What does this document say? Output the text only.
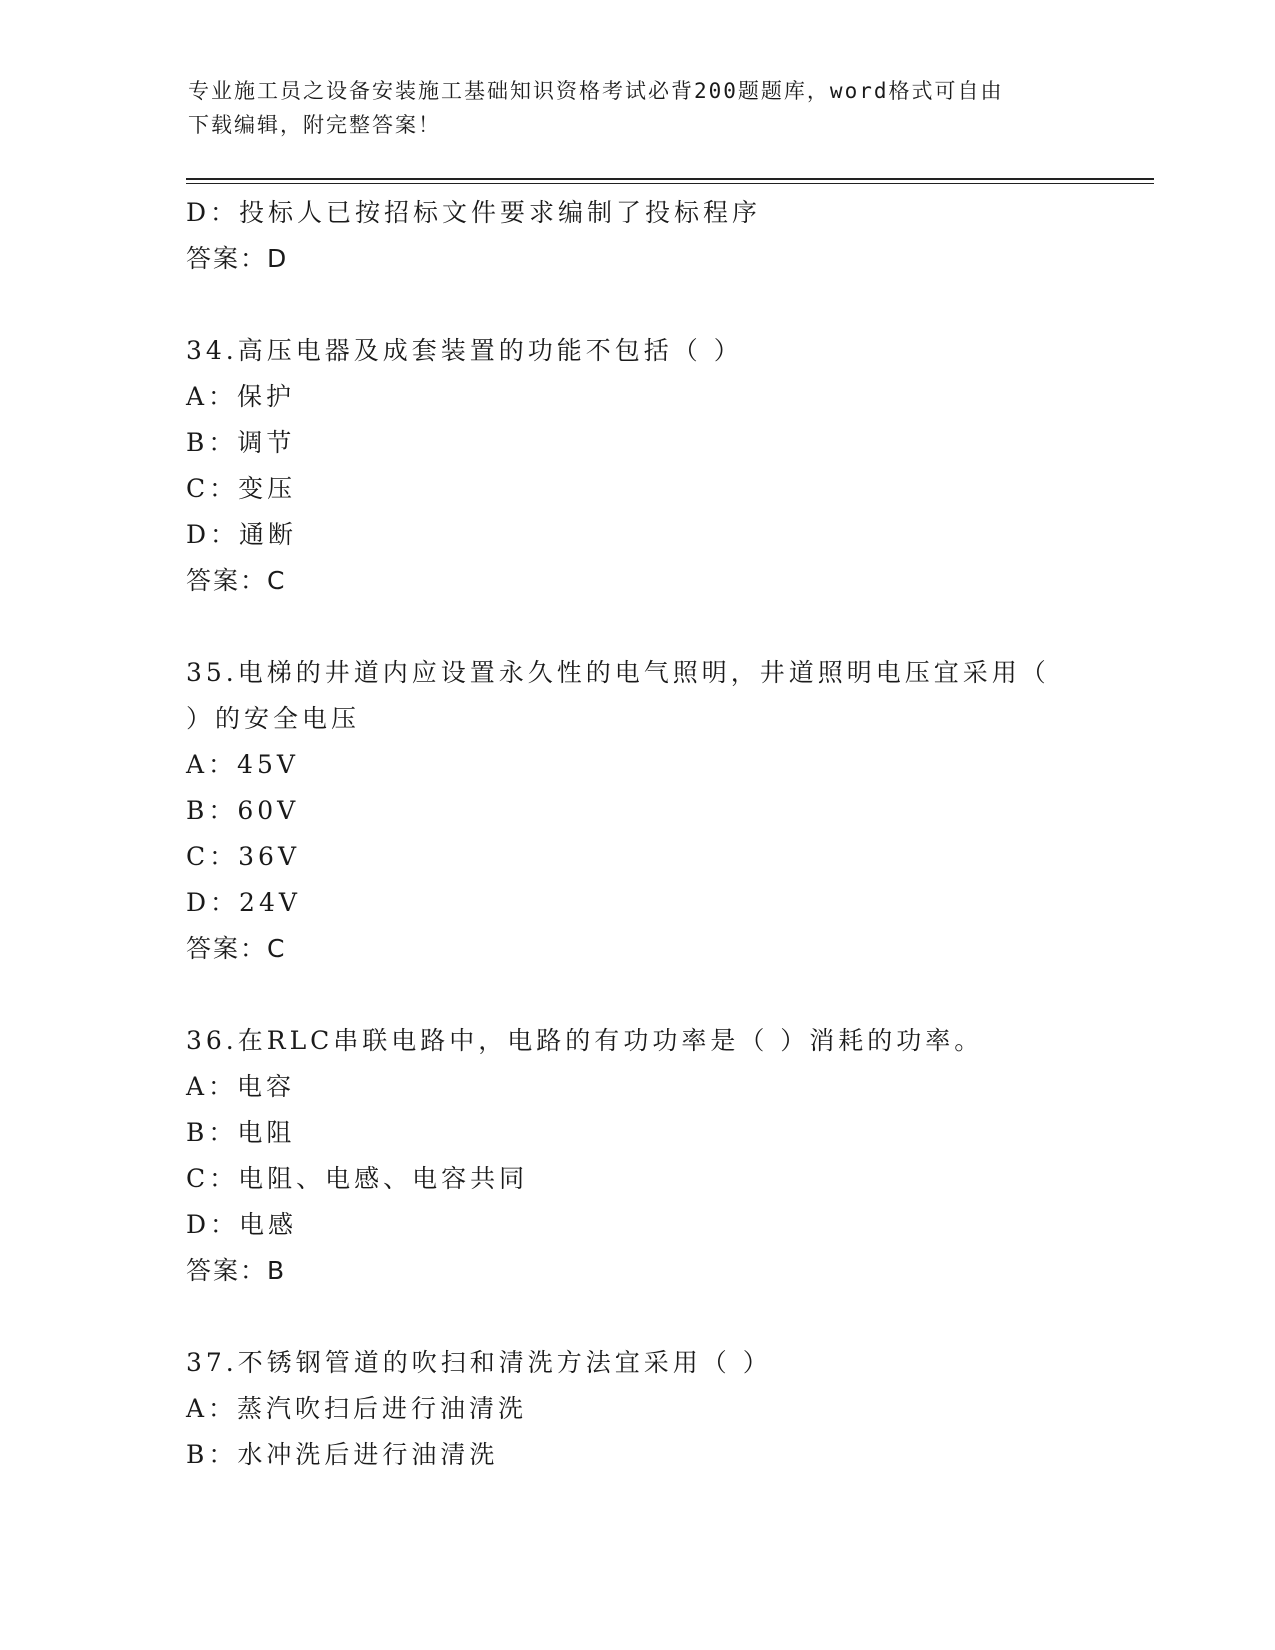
专业施工员之设备安装施工基础知识资格考试必背200题题库，word格式可自由
下载编辑，附完整答案！
D：投标人已按招标文件要求编制了投标程序
答案：D
34.高压电器及成套装置的功能不包括（ ）
A：保护
B：调节
C：变压
D：通断
答案：C
35.电梯的井道内应设置永久性的电气照明，井道照明电压宜采用（
）的安全电压
A：45V
B：60V
C：36V
D：24V
答案：C
36.在RLC串联电路中，电路的有功功率是（ ）消耗的功率。
A：电容
B：电阻
C：电阻、电感、电容共同
D：电感
答案：B
37.不锈钢管道的吹扫和清洗方法宜采用（ ）
A：蒸汽吹扫后进行油清洗
B：水冲洗后进行油清洗
